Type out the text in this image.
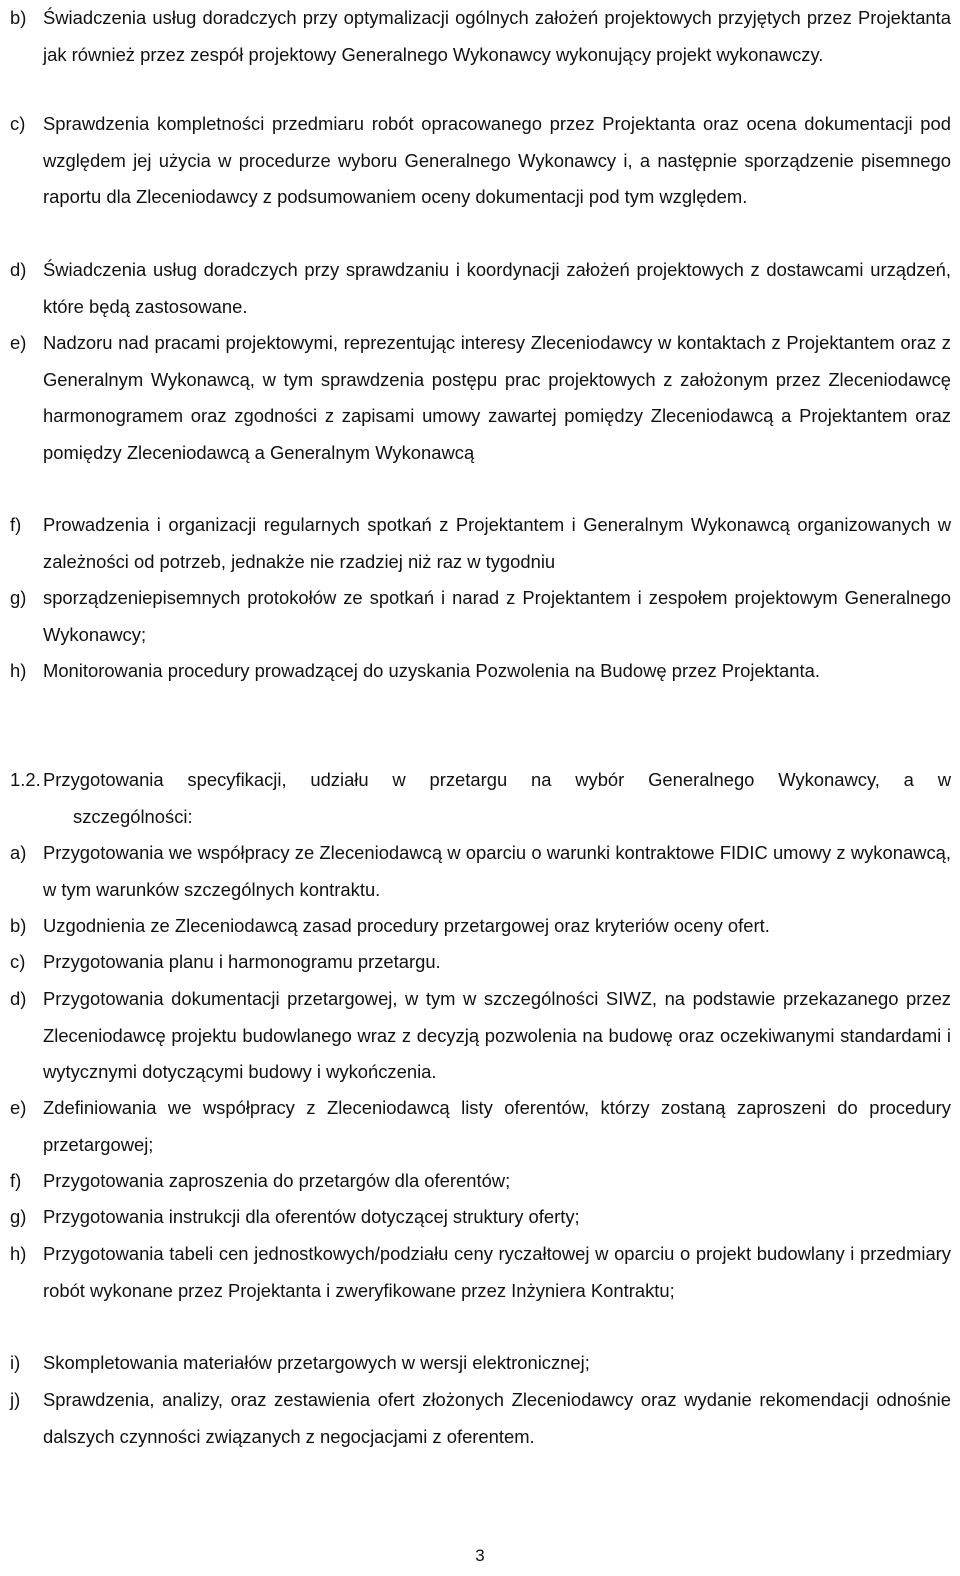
b) Świadczenia usług doradczych przy optymalizacji ogólnych założeń projektowych przyjętych przez Projektanta jak również przez zespół projektowy Generalnego Wykonawcy wykonujący projekt wykonawczy.
c) Sprawdzenia kompletności przedmiaru robót opracowanego przez Projektanta oraz ocena dokumentacji pod względem jej użycia w procedurze wyboru Generalnego Wykonawcy i, a następnie sporządzenie pisemnego raportu dla Zleceniodawcy z podsumowaniem oceny dokumentacji pod tym względem.
d) Świadczenia usług doradczych przy sprawdzaniu i koordynacji założeń projektowych z dostawcami urządzeń, które będą zastosowane.
e) Nadzoru nad pracami projektowymi, reprezentując interesy Zleceniodawcy w kontaktach z Projektantem oraz z Generalnym Wykonawcą, w tym sprawdzenia postępu prac projektowych z założonym przez Zleceniodawcę harmonogramem oraz zgodności z zapisami umowy zawartej pomiędzy Zleceniodawcą a Projektantem oraz pomiędzy Zleceniodawcą a Generalnym Wykonawcą
f) Prowadzenia i organizacji regularnych spotkań z Projektantem i Generalnym Wykonawcą organizowanych w zależności od potrzeb, jednakże nie rzadziej niż raz w tygodniu
g) sporządzeniepisemnych protokołów ze spotkań i narad z Projektantem i zespołem projektowym Generalnego Wykonawcy;
h) Monitorowania procedury prowadzącej do uzyskania Pozwolenia na Budowę przez Projektanta.
1.2. Przygotowania specyfikacji, udziału w przetargu na wybór Generalnego Wykonawcy, a w
szczególności:
a) Przygotowania we współpracy ze Zleceniodawcą w oparciu o warunki kontraktowe FIDIC umowy z wykonawcą, w tym warunków szczególnych kontraktu.
b) Uzgodnienia ze Zleceniodawcą zasad procedury przetargowej oraz kryteriów oceny ofert.
c) Przygotowania planu i harmonogramu przetargu.
d) Przygotowania dokumentacji przetargowej, w tym w szczególności SIWZ, na podstawie przekazanego przez Zleceniodawcę projektu budowlanego wraz z decyzją pozwolenia na budowę oraz oczekiwanymi standardami i wytycznymi dotyczącymi budowy i wykończenia.
e) Zdefiniowania we współpracy z Zleceniodawcą listy oferentów, którzy zostaną zaproszeni do procedury przetargowej;
f) Przygotowania zaproszenia do przetargów dla oferentów;
g) Przygotowania instrukcji dla oferentów dotyczącej struktury oferty;
h) Przygotowania tabeli cen jednostkowych/podziału ceny ryczałtowej w oparciu o projekt budowlany i przedmiary robót wykonane przez Projektanta i zweryfikowane przez Inżyniera Kontraktu;
i) Skompletowania materiałów przetargowych w wersji elektronicznej;
j) Sprawdzenia, analizy, oraz zestawienia ofert złożonych Zleceniodawcy oraz wydanie rekomendacji odnośnie dalszych czynności związanych z negocjacjami z oferentem.
3
